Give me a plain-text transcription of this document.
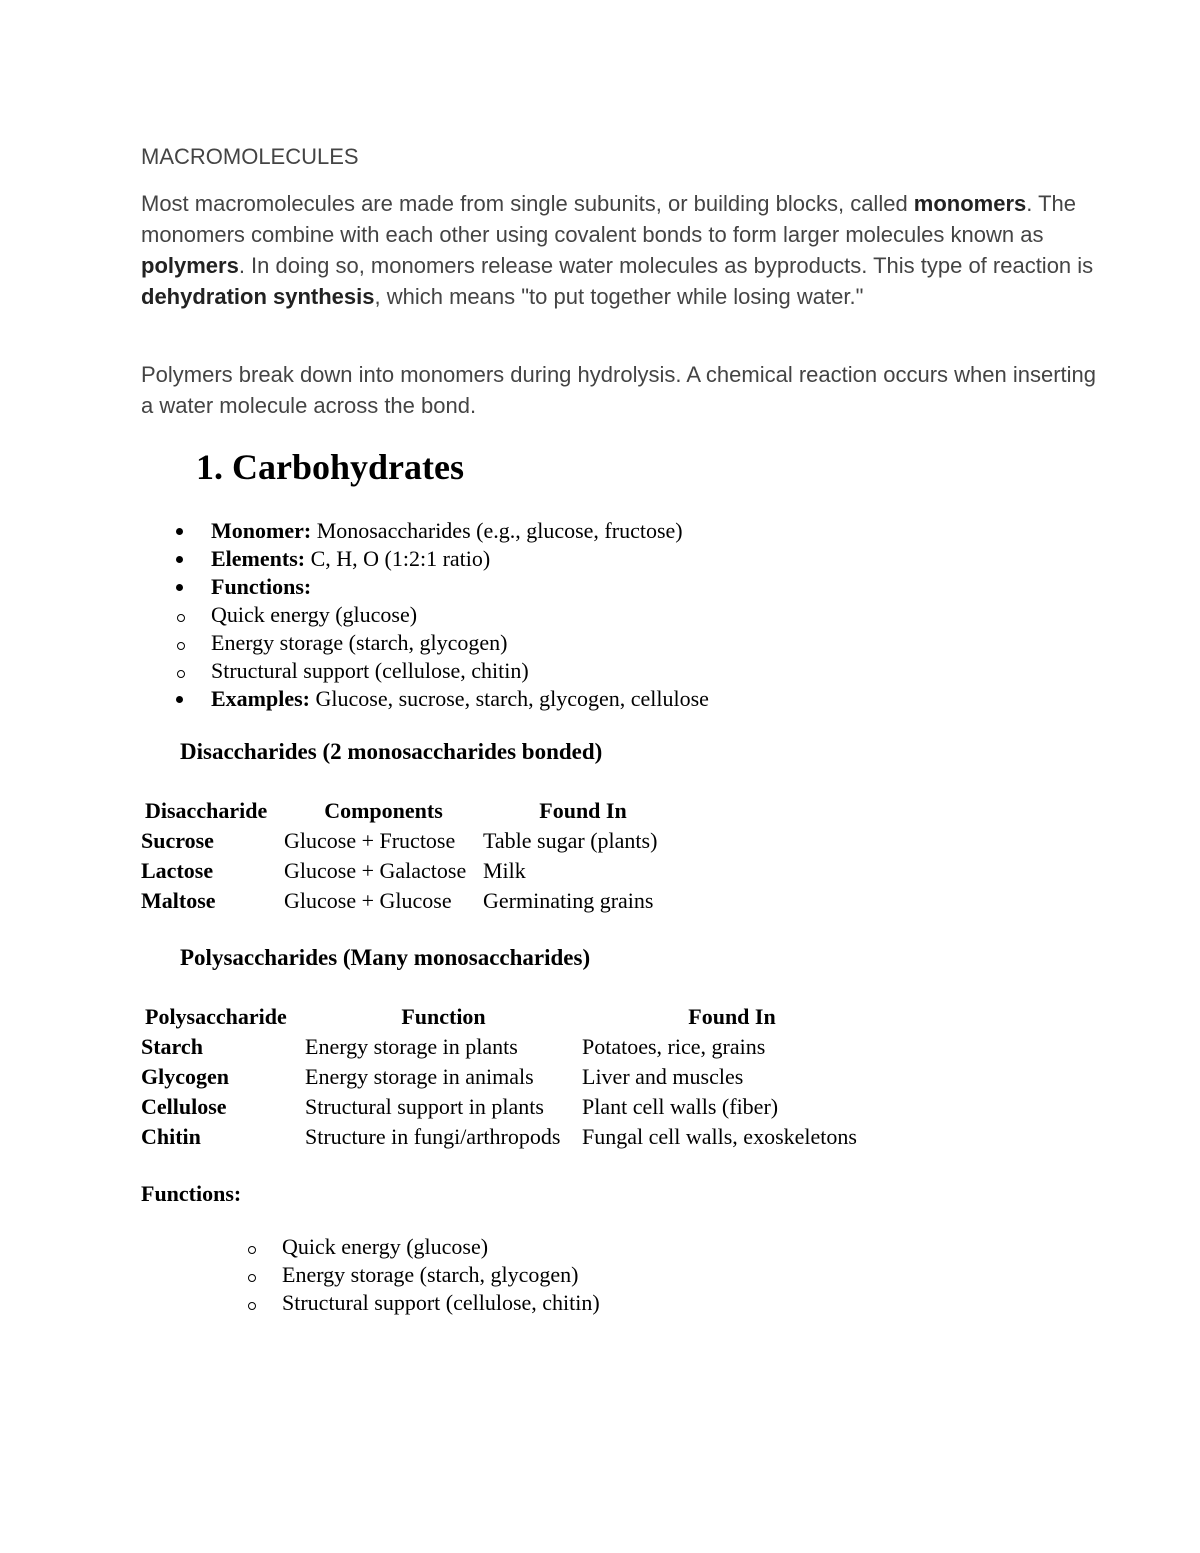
MACROMOLECULES

Most macromolecules are made from single subunits, or building blocks, called monomers. The monomers combine with each other using covalent bonds to form larger molecules known as polymers. In doing so, monomers release water molecules as byproducts. This type of reaction is dehydration synthesis, which means "to put together while losing water."

Polymers break down into monomers during hydrolysis. A chemical reaction occurs when inserting a water molecule across the bond.

1. Carbohydrates
Monomer: Monosaccharides (e.g., glucose, fructose)
Elements: C, H, O (1:2:1 ratio)
Functions:
Quick energy (glucose)
Energy storage (starch, glycogen)
Structural support (cellulose, chitin)
Examples: Glucose, sucrose, starch, glycogen, cellulose
Disaccharides (2 monosaccharides bonded)
Disaccharide	Components	Found In
Sucrose	Glucose + Fructose	Table sugar (plants)
Lactose	Glucose + Galactose	Milk
Maltose	Glucose + Glucose	Germinating grains
Polysaccharides (Many monosaccharides)
Polysaccharide	Function	Found In
Starch	Energy storage in plants	Potatoes, rice, grains
Glycogen	Energy storage in animals	Liver and muscles
Cellulose	Structural support in plants	Plant cell walls (fiber)
Chitin	Structure in fungi/arthropods	Fungal cell walls, exoskeletons

Functions:

Quick energy (glucose)
Energy storage (starch, glycogen)
Structural support (cellulose, chitin)
